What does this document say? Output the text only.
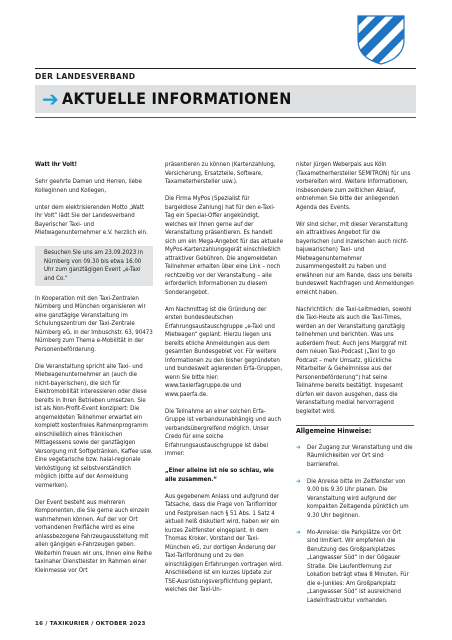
DER LANDESVERBAND
➔ AKTUELLE INFORMATIONEN

Watt Ihr Volt!

Sehr geehrte Damen und Herren, liebe Kolleginnen und Kollegen,

unter dem elektrisierenden Motto „Watt Ihr Volt“ lädt Sie der Landesverband Bayerischer Taxi- und Mietwagenunternehmer e.V. herzlich ein.

Besuchen Sie uns am 23.09.2023 in Nürnberg von 09.30 bis etwa 16.00 Uhr zum ganztägigen Event „e-Taxi and Co.“

In Kooperation mit den Taxi-Zentralen Nürnberg und München organisieren wir eine ganztägige Veranstaltung im Schulungszentrum der Taxi-Zentrale Nürnberg eG, in der Imbuschstr. 63, 90473 Nürnberg zum Thema e-Mobilität in der Personenbeförderung.

Die Veranstaltung spricht alle Taxi- und Mietwagenunternehmer an (auch die nicht-bayerischen), die sich für Elektromobilität interessieren oder diese bereits in Ihren Betrieben umsetzen. Sie ist als Non-Profit-Event konzipiert: Die angemeldeten Teilnehmer erwartet ein komplett kostenfreies Rahmenprogramm einschließlich eines fränkischen Mittagessens sowie der ganztägigen Versorgung mit Softgetränken, Kaffee usw. Eine vegetarische bzw. halal-regionale Verköstigung ist selbstverständlich möglich (bitte auf der Anmeldung vermerken).

Der Event besteht aus mehreren Komponenten, die Sie gerne auch einzeln wahrnehmen können. Auf der vor Ort vorhandenen Freifläche wird es eine anlassbezogene Fahrzeugausstellung mit allen gängigen e-Fahrzeugen geben. Weiterhin freuen wir uns, Ihnen eine Reihe taxinaher Dienstleister im Rahmen einer Kleinmesse vor Ort

präsentieren zu können (Kartenzahlung, Versicherung, Ersatzteile, Software, Taxameterhersteller usw.).

Die Firma MyPos (Spezialist für bargeldlose Zahlung) hat für den e-Taxi-Tag ein Special-Offer angekündigt, welches wir Ihnen gerne auf der Veranstaltung präsentieren. Es handelt sich um ein Mega-Angebot für das aktuelle MyPos-Kartenzahlungsgerät einschließlich attraktiver Gebühren. Die angemeldeten Teilnehmer erhalten über eine Link – noch rechtzeitig vor der Veranstaltung – alle erforderlich Informationen zu diesem Sonderangebot.

Am Nachmittag ist die Gründung der ersten bundesdeutschen Erfahrungsaustauschgruppe „e-Taxi und Mietwagen“ geplant. Hierzu liegen uns bereits etliche Anmeldungen aus dem gesamten Bundesgebiet vor. Für weitere Informationen zu den bisher gegründeten und bundesweit agierenden Erfa-Gruppen, wenn Sie bitte hier: www.taxierfagruppe.de und www.paerfa.de.

Die Teilnahme an einer solchen Erfa-Gruppe ist verbandsunabhängig und auch verbandsübergreifend möglich. Unser Credo für eine solche Erfahrungsaustauschgruppe ist dabei immer:

„Einer alleine ist nie so schlau, wie alle zusammen.“

Aus gegebenem Anlass und aufgrund der Tatsache, dass die Frage von Tariflorridor und Festpreisen nach § 51 Abs. 1 Satz 4 aktuell heiß diskutiert wird, haben wir ein kurzes Zeitfenster eingeplant. In dem Thomas Kroker, Vorstand der Taxi-München eG, zur dortigen Änderung der Taxi-Tarifordnung und zu den einschlägigen Erfahrungen vortragen wird. Anschließend ist ein kurzes Update zur TSE-Ausrüstungsverpflichtung geplant, welches der Taxi-Un-

nister Jürgen Weberpals aus Köln (Taxametherhersteller SEMITRON) für uns vorbereiten wird. Weitere Informationen, insbesondere zum zeitlichen Ablauf, entnehmen Sie bitte der anliegenden Agenda des Events.

Wir sind sicher, mit dieser Veranstaltung ein attraktives Angebot für die bayerischen (und inzwischen auch nicht-bajuwarischen) Taxi- und Mietwagenunternehmer zusammengestellt zu haben und erwähnen nur am Rande, dass uns bereits bundesweit Nachfragen und Anmeldungen erreicht haben.

Nachrichtlich: die Taxi-Leitmedien, sowohl die Taxi-Heute als auch die Taxi-Times, werden an der Veranstaltung ganztägig teilnehmen und berichten. Was uns außerdem freut: Auch Jens Marggraf mit dem neuen Taxi-Podcast („Taxi to go Podcast – mehr Umsatz, glückliche Mitarbeiter & Geheimnisse aus der Personenbeförderung“) hat seine Teilnahme bereits bestätigt. Insgesamt dürfen wir davon ausgehen, dass die Veranstaltung medial hervorragend begleitet wird.

Allgemeine Hinweise:

➔ Der Zugang zur Veranstaltung und die Räumlichkeiten vor Ort sind barrierefrei.

➔ Die Anreise bitte im Zeitfenster von 9.00 bis 9.30 Uhr planen. Die Veranstaltung wird aufgrund der kompakten Zeitagenda pünktlich um 9.30 Uhr beginnen.

➔ Mo-Anreise: die Parkplätze vor Ort sind limitiert. Wir empfehlen die Benutzung des Großparkplatzes „Langwasser Süd“ in der Gögauer Straße. Die Laufentfernung zur Lokation beträgt etwa 8 Minuten. Für die e-Junkies: Am Großparkplatz „Langwasser Süd“ ist ausreichend Ladeinfrastruktur vorhanden.

16 / TAXIKURIER / OKTOBER 2023
